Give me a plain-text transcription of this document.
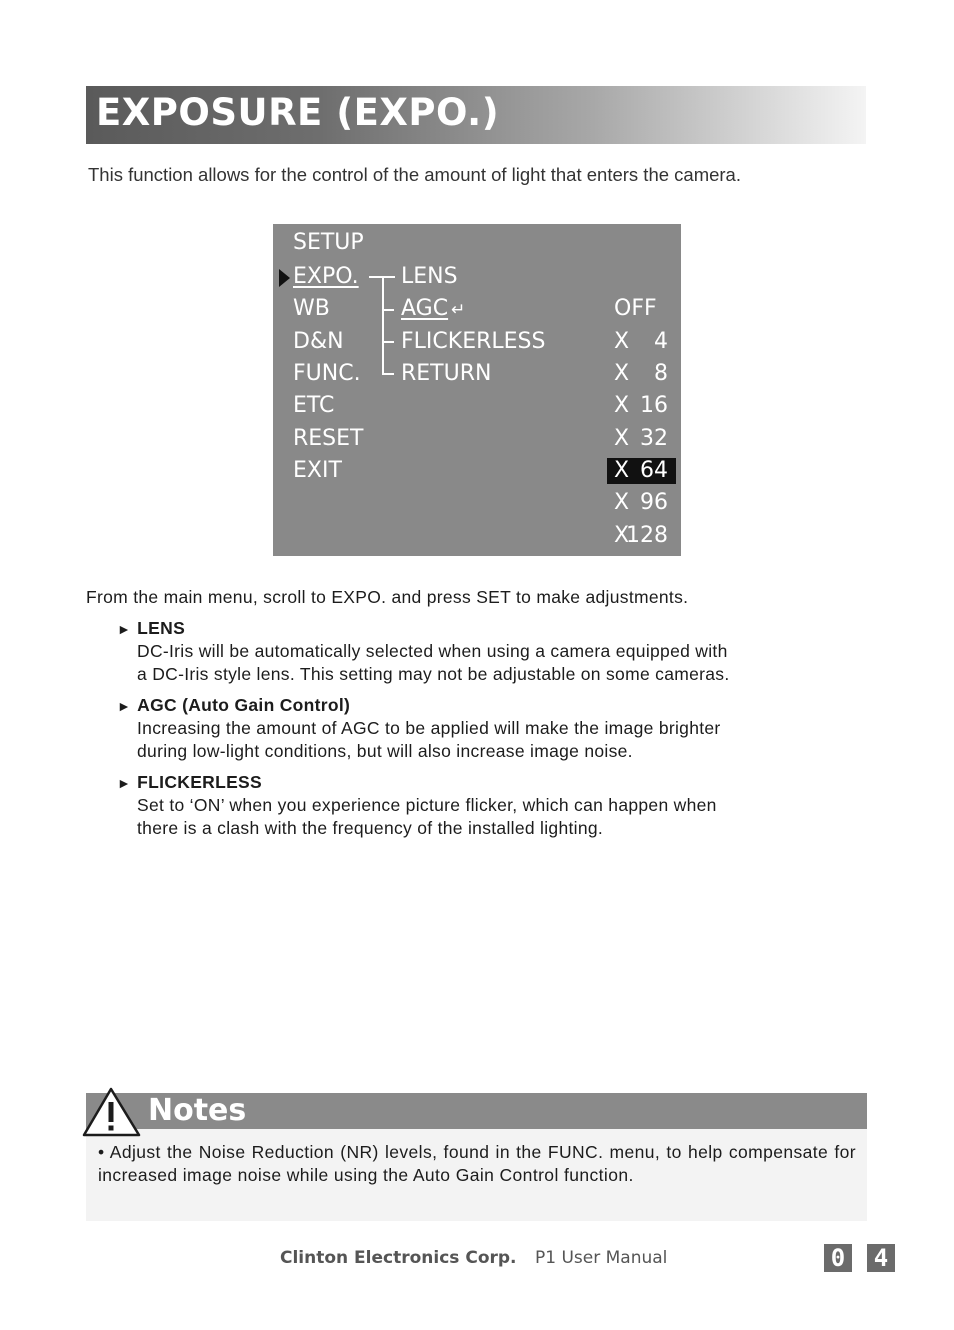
EXPOSURE (EXPO.)
This function allows for the control of the amount of light that enters the camera.
SETUP
EXPO.
WB
D&N
FUNC.
ETC
RESET
EXIT
LENS
AGC ↵
FLICKERLESS
RETURN
OFF
X 4
X 8
X 16
X 32
X 64
X 96
X
128
From the main menu, scroll to EXPO. and press SET to make adjustments.
► LENS
DC-Iris will be automatically selected when using a camera equipped with
a DC-Iris style lens. This setting may not be adjustable on some cameras.
► AGC (Auto Gain Control)
Increasing the amount of AGC to be applied will make the image brighter
during low-light conditions, but will also increase image noise.
► FLICKERLESS
Set to ‘ON’ when you experience picture flicker, which can happen when
there is a clash with the frequency of the installed lighting.
Notes
• Adjust the Noise Reduction (NR) levels, found in the FUNC. menu, to help compensate for increased image noise while using the Auto Gain Control function.
Clinton Electronics Corp. P1 User Manual	0 4
